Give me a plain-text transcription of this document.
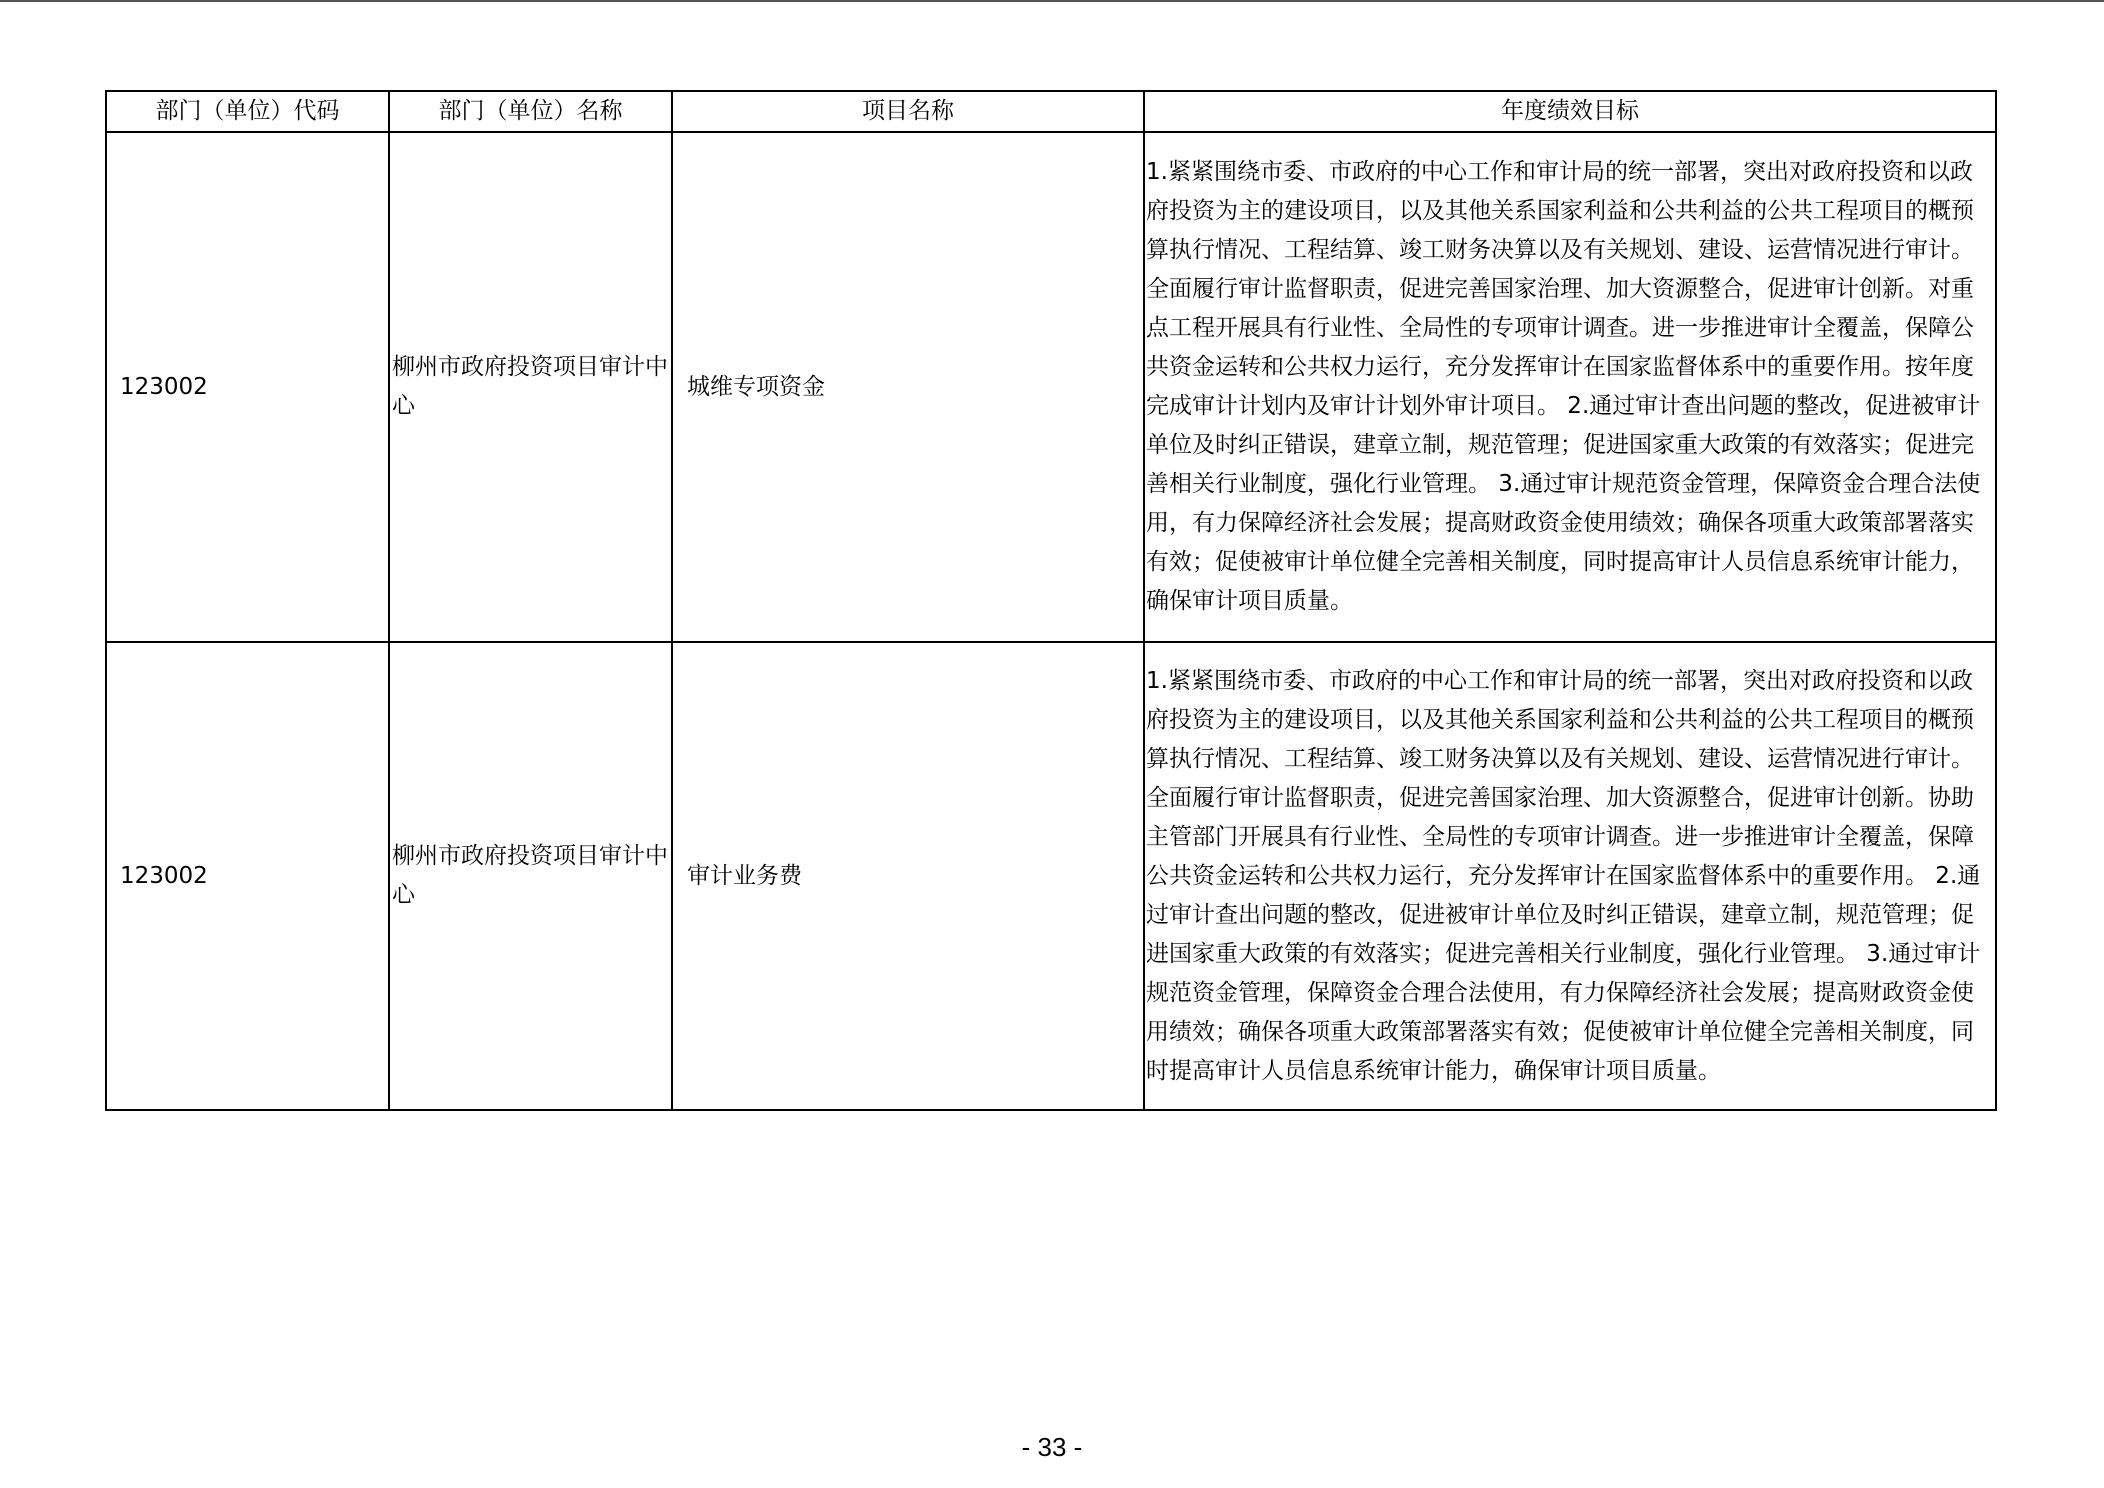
部门（单位）代码	部门（单位）名称	项目名称	年度绩效目标
123002	柳州市政府投资项目审计中心	城维专项资金	1.紧紧围绕市委、市政府的中心工作和审计局的统一部署，突出对政府投资和以政府投资为主的建设项目，以及其他关系国家利益和公共利益的公共工程项目的概预算执行情况、工程结算、竣工财务决算以及有关规划、建设、运营情况进行审计。全面履行审计监督职责，促进完善国家治理、加大资源整合，促进审计创新。对重点工程开展具有行业性、全局性的专项审计调查。进一步推进审计全覆盖，保障公共资金运转和公共权力运行，充分发挥审计在国家监督体系中的重要作用。按年度完成审计计划内及审计计划外审计项目。 2.通过审计查出问题的整改，促进被审计单位及时纠正错误，建章立制，规范管理；促进国家重大政策的有效落实；促进完善相关行业制度，强化行业管理。 3.通过审计规范资金管理，保障资金合理合法使用，有力保障经济社会发展；提高财政资金使用绩效；确保各项重大政策部署落实有效；促使被审计单位健全完善相关制度，同时提高审计人员信息系统审计能力，确保审计项目质量。
123002	柳州市政府投资项目审计中心	审计业务费	1.紧紧围绕市委、市政府的中心工作和审计局的统一部署，突出对政府投资和以政府投资为主的建设项目，以及其他关系国家利益和公共利益的公共工程项目的概预算执行情况、工程结算、竣工财务决算以及有关规划、建设、运营情况进行审计。全面履行审计监督职责，促进完善国家治理、加大资源整合，促进审计创新。协助主管部门开展具有行业性、全局性的专项审计调查。进一步推进审计全覆盖，保障公共资金运转和公共权力运行，充分发挥审计在国家监督体系中的重要作用。 2.通过审计查出问题的整改，促进被审计单位及时纠正错误，建章立制，规范管理；促进国家重大政策的有效落实；促进完善相关行业制度，强化行业管理。 3.通过审计规范资金管理，保障资金合理合法使用，有力保障经济社会发展；提高财政资金使用绩效；确保各项重大政策部署落实有效；促使被审计单位健全完善相关制度，同时提高审计人员信息系统审计能力，确保审计项目质量。
- 33 -
